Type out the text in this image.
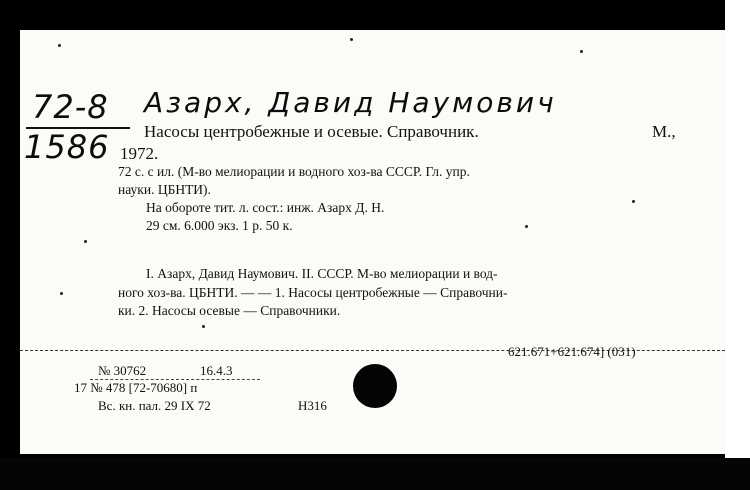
72-8
1586
Азарх, Давид Наумович
Насосы центробежные и осевые. Справочник.	М.,
1972.
72 с. с ил. (М-во мелиорации и водного хоз-ва СССР. Гл. упр.
науки. ЦБНТИ).
На обороте тит. л. сост.: инж. Азарх Д. Н.
29 см. 6.000 экз. 1 р. 50 к.
I. Азарх, Давид Наумович. II. СССР. М-во мелиорации и вод-
ного хоз-ва. ЦБНТИ. — — 1. Насосы центробежные — Справочни-
ки. 2. Насосы осевые — Справочники.
621.671+621.674] (031)
№ 30762	16.4.3
17 № 478 [72-70680] п
Вс. кн. пал. 29 IX 72	Н316
